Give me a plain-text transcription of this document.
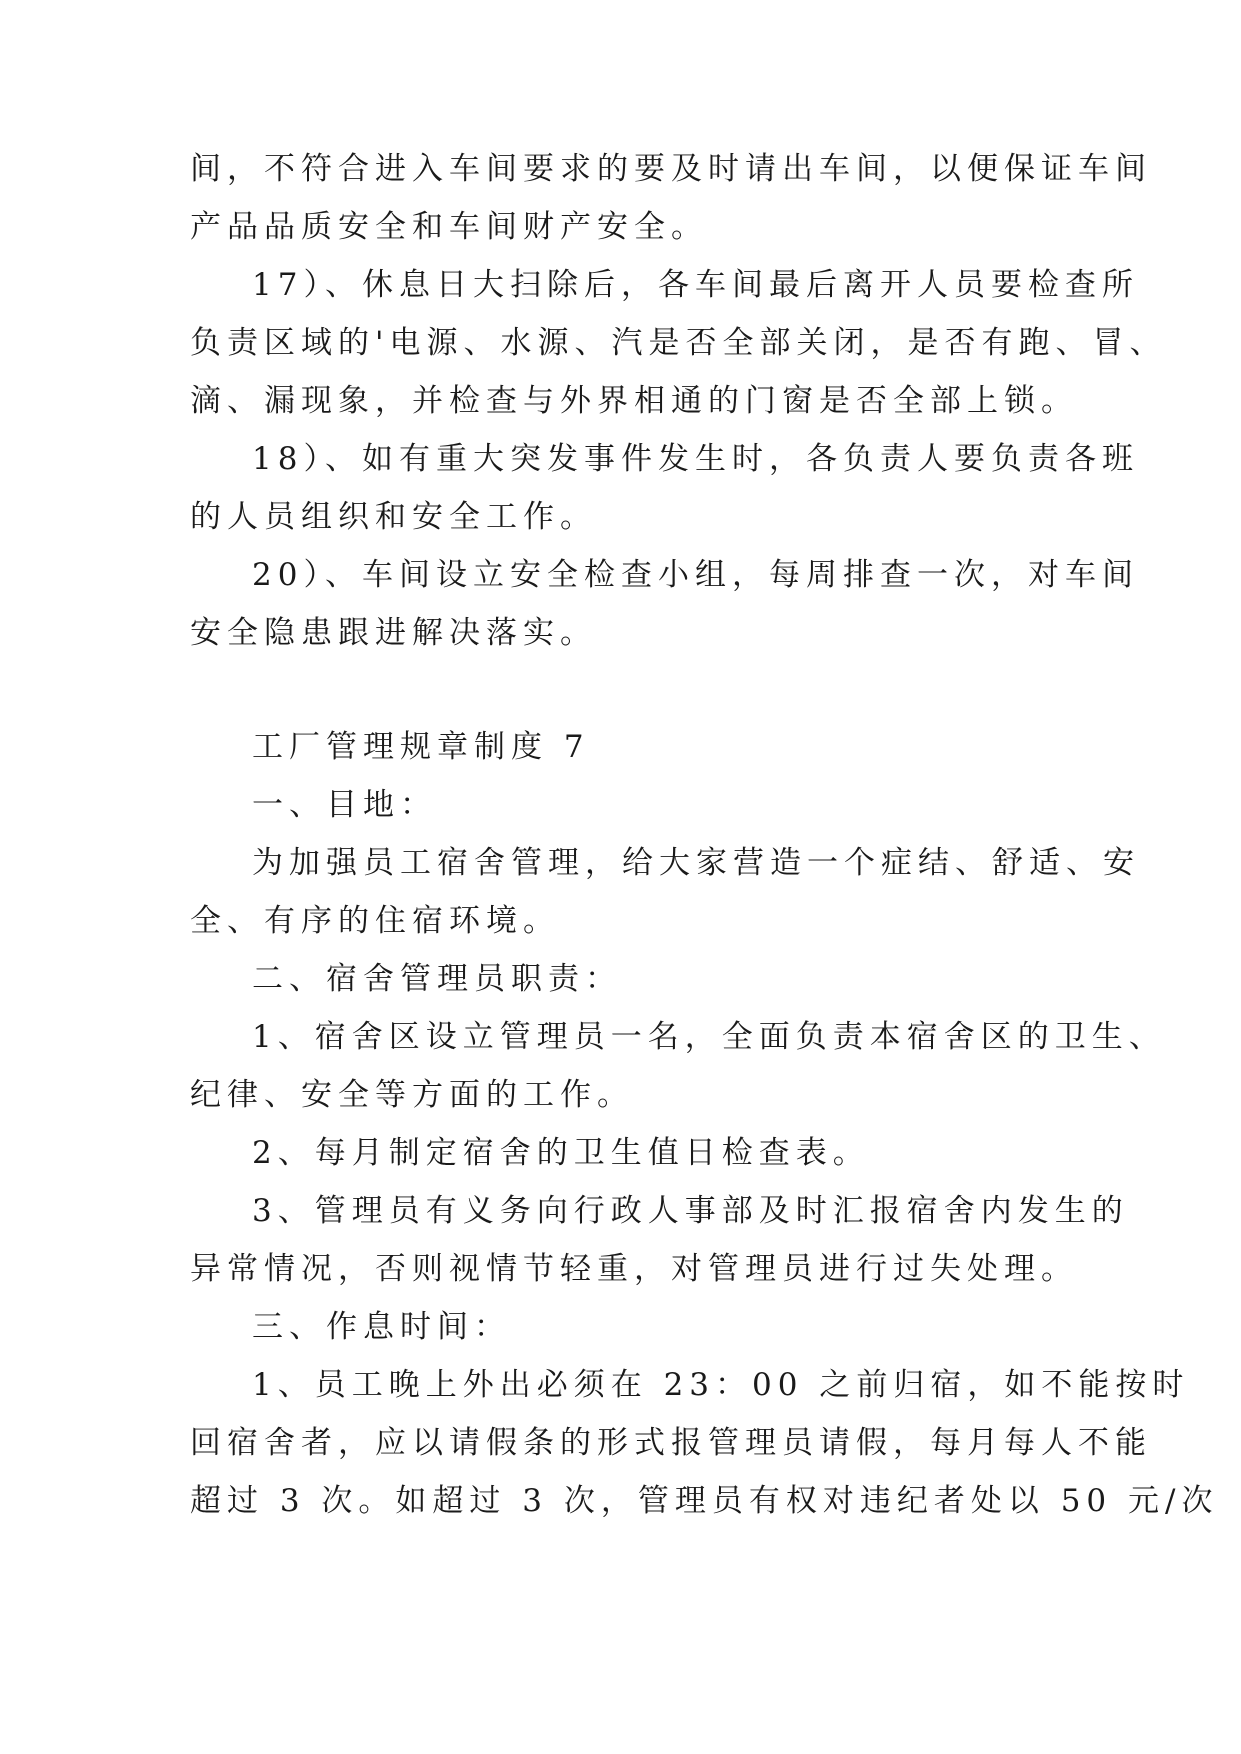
间，不符合进入车间要求的要及时请出车间，以便保证车间
产品品质安全和车间财产安全。
17）、休息日大扫除后，各车间最后离开人员要检查所
负责区域的'电源、水源、汽是否全部关闭，是否有跑、冒、
滴、漏现象，并检查与外界相通的门窗是否全部上锁。
18）、如有重大突发事件发生时，各负责人要负责各班
的人员组织和安全工作。
20）、车间设立安全检查小组，每周排查一次，对车间
安全隐患跟进解决落实。
工厂管理规章制度 7
一、目地：
为加强员工宿舍管理，给大家营造一个症结、舒适、安
全、有序的住宿环境。
二、宿舍管理员职责：
1、宿舍区设立管理员一名，全面负责本宿舍区的卫生、
纪律、安全等方面的工作。
2、每月制定宿舍的卫生值日检查表。
3、管理员有义务向行政人事部及时汇报宿舍内发生的
异常情况，否则视情节轻重，对管理员进行过失处理。
三、作息时间：
1、员工晚上外出必须在 23：00 之前归宿，如不能按时
回宿舍者，应以请假条的形式报管理员请假，每月每人不能
超过 3 次。如超过 3 次，管理员有权对违纪者处以 50 元/次
